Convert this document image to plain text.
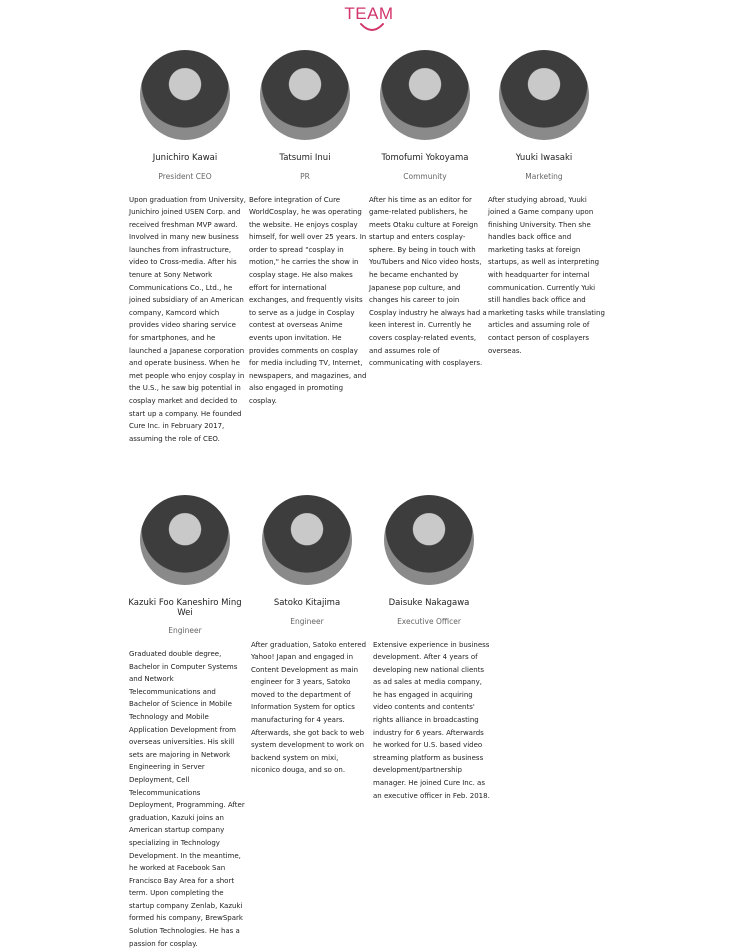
TEAM
Junichiro Kawai
President CEO
Upon graduation from University, Junichiro joined USEN Corp. and received freshman MVP award. Involved in many new business launches from infrastructure, video to Cross-media. After his tenure at Sony Network Communications Co., Ltd., he joined subsidiary of an American company, Kamcord which provides video sharing service for smartphones, and he launched a Japanese corporation and operate business. When he met people who enjoy cosplay in the U.S., he saw big potential in cosplay market and decided to start up a company. He founded Cure Inc. in February 2017, assuming the role of CEO.
Tatsumi Inui
PR
Before integration of Cure WorldCosplay, he was operating the website. He enjoys cosplay himself, for well over 25 years. In order to spread "cosplay in motion," he carries the show in cosplay stage. He also makes effort for international exchanges, and frequently visits to serve as a judge in Cosplay contest at overseas Anime events upon invitation. He provides comments on cosplay for media including TV, Internet, newspapers, and magazines, and also engaged in promoting cosplay.
Tomofumi Yokoyama
Community
After his time as an editor for game-related publishers, he meets Otaku culture at Foreign startup and enters cosplay-sphere. By being in touch with YouTubers and Nico video hosts, he became enchanted by Japanese pop culture, and changes his career to join Cosplay industry he always had a keen interest in. Currently he covers cosplay-related events, and assumes role of communicating with cosplayers.
Yuuki Iwasaki
Marketing
After studying abroad, Yuuki joined a Game company upon finishing University. Then she handles back office and marketing tasks at foreign startups, as well as interpreting with headquarter for internal communication. Currently Yuki still handles back office and marketing tasks while translating articles and assuming role of contact person of cosplayers overseas.
Kazuki Foo Kaneshiro Ming Wei
Engineer
Graduated double degree, Bachelor in Computer Systems and Network Telecommunications and Bachelor of Science in Mobile Technology and Mobile Application Development from overseas universities. His skill sets are majoring in Network Engineering in Server Deployment, Cell Telecommunications Deployment, Programming. After graduation, Kazuki joins an American startup company specializing in Technology Development. In the meantime, he worked at Facebook San Francisco Bay Area for a short term. Upon completing the startup company Zenlab, Kazuki formed his company, BrewSpark Solution Technologies. He has a passion for cosplay.
Satoko Kitajima
Engineer
After graduation, Satoko entered Yahoo! Japan and engaged in Content Development as main engineer for 3 years, Satoko moved to the department of Information System for optics manufacturing for 4 years. Afterwards, she got back to web system development to work on backend system on mixi, niconico douga, and so on.
Daisuke Nakagawa
Executive Officer
Extensive experience in business development. After 4 years of developing new national clients as ad sales at media company, he has engaged in acquiring video contents and contents' rights alliance in broadcasting industry for 6 years. Afterwards he worked for U.S. based video streaming platform as business development/partnership manager. He joined Cure Inc. as an executive officer in Feb. 2018.
